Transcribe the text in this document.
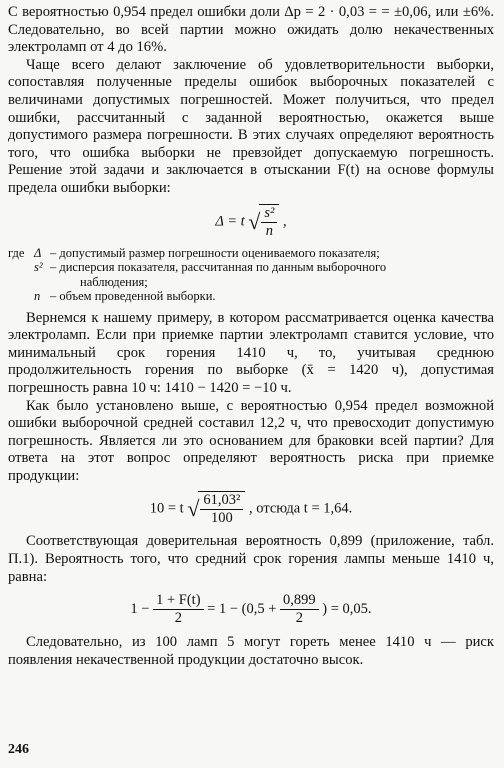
С вероятностью 0,954 предел ошибки доли Δp = 2 · 0,03 = = ±0,06, или ±6%. Следовательно, во всей партии можно ожидать долю некачественных электроламп от 4 до 16%.

Чаще всего делают заключение об удовлетворительности выборки, сопоставляя полученные пределы ошибок выборочных показателей с величинами допустимых погрешностей. Может получиться, что предел ошибки, рассчитанный с заданной вероятностью, окажется выше допустимого размера погрешности. В этих случаях определяют вероятность того, что ошибка выборки не превзойдет допускаемую погрешность. Решение этой задачи и заключается в отыскании F(t) на основе формулы предела ошибки выборки:

Δ = t √ $\frac{\text{s²}}{n}$ ,
где Δ – допустимый размер погрешности оцениваемого показателя;
s² – дисперсия показателя, рассчитанная по данным выборочного
наблюдения;
n – объем проведенной выборки.

Вернемся к нашему примеру, в котором рассматривается оценка качества электроламп. Если при приемке партии электроламп ставится условие, что минимальный срок горения 1410 ч, то, учитывая среднюю продолжительность горения по выборке (x̄ = 1420 ч), допустимая погрешность равна 10 ч: 1410 − 1420 = −10 ч.

Как было установлено выше, с вероятностью 0,954 предел возможной ошибки выборочной средней составил 12,2 ч, что превосходит допустимую погрешность. Является ли это основанием для браковки всей партии? Для ответа на этот вопрос определяют вероятность риска при приемке продукции:

10 = t √ $\frac{\text{61,03²}}{100}$ , отсюда t = 1,64.

Соответствующая доверительная вероятность 0,899 (приложение, табл. П.1). Вероятность того, что средний срок горения лампы меньше 1410 ч, равна:

$1 - \frac{1 + F(t)}{2} = 1 - (0,5 + \frac{0,899}{2}$ ) = 0,05.

Следовательно, из 100 ламп 5 могут гореть менее 1410 ч — риск появления некачественной продукции достаточно высок.

246
